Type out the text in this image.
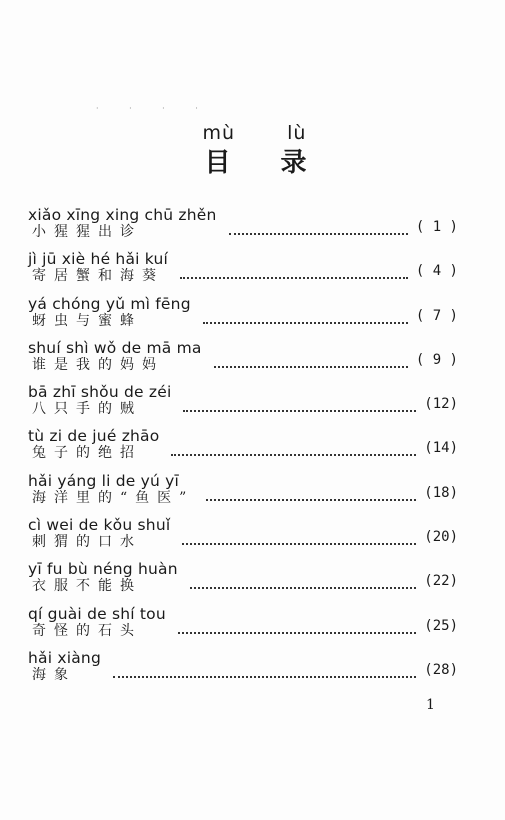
· · · ·
mù	lù
目 录
xiǎo xīng xing chū zhěn
小猩猩出诊	( 1 )
jì jū xiè hé hǎi kuí
寄居蟹和海葵	( 4 )
yá chóng yǔ mì fēng
蚜虫与蜜蜂	( 7 )
shuí shì wǒ de mā ma
谁是我的妈妈	( 9 )
bā zhī shǒu de zéi
八只手的贼	(12)
tù zi de jué zhāo
兔子的绝招	(14)
hǎi yáng li de yú yī
海洋里的“鱼医”	(18)
cì wei de kǒu shuǐ
刺猬的口水	(20)
yī fu bù néng huàn
衣服不能换	(22)
qí guài de shí tou
奇怪的石头	(25)
hǎi xiàng
海象	(28)
1
